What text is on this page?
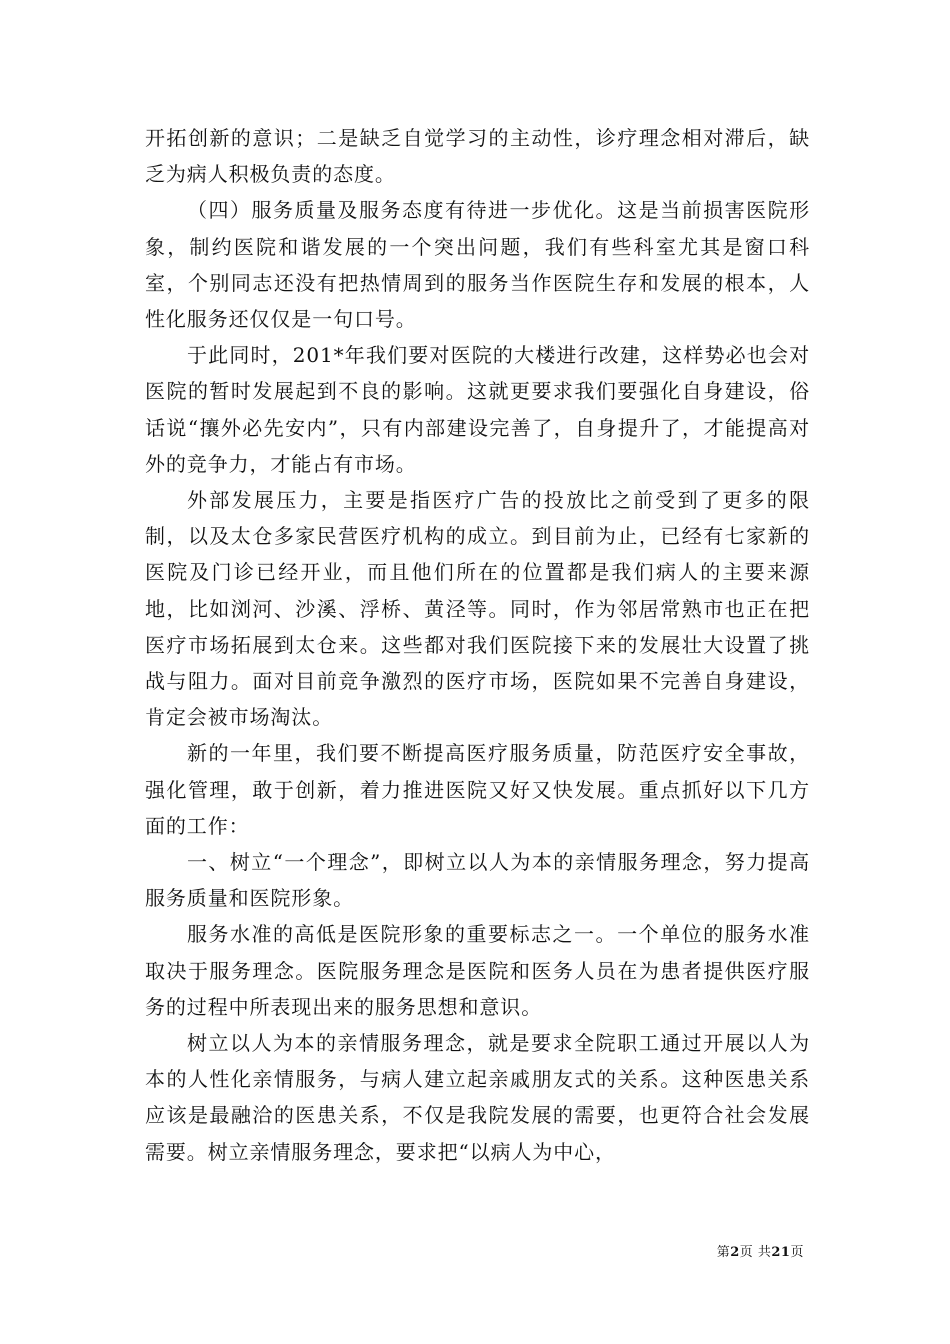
开拓创新的意识；二是缺乏自觉学习的主动性，诊疗理念相对滞后，缺乏为病人积极负责的态度。

（四）服务质量及服务态度有待进一步优化。这是当前损害医院形象，制约医院和谐发展的一个突出问题，我们有些科室尤其是窗口科室，个别同志还没有把热情周到的服务当作医院生存和发展的根本，人性化服务还仅仅是一句口号。

于此同时，201*年我们要对医院的大楼进行改建，这样势必也会对医院的暂时发展起到不良的影响。这就更要求我们要强化自身建设，俗话说“攘外必先安内”，只有内部建设完善了，自身提升了，才能提高对外的竞争力，才能占有市场。

外部发展压力，主要是指医疗广告的投放比之前受到了更多的限制，以及太仓多家民营医疗机构的成立。到目前为止，已经有七家新的医院及门诊已经开业，而且他们所在的位置都是我们病人的主要来源地，比如浏河、沙溪、浮桥、黄泾等。同时，作为邻居常熟市也正在把医疗市场拓展到太仓来。这些都对我们医院接下来的发展壮大设置了挑战与阻力。面对目前竞争激烈的医疗市场，医院如果不完善自身建设，肯定会被市场淘汰。

新的一年里，我们要不断提高医疗服务质量，防范医疗安全事故，强化管理，敢于创新，着力推进医院又好又快发展。重点抓好以下几方面的工作：

一、树立“一个理念”，即树立以人为本的亲情服务理念，努力提高服务质量和医院形象。

服务水准的高低是医院形象的重要标志之一。一个单位的服务水准取决于服务理念。医院服务理念是医院和医务人员在为患者提供医疗服务的过程中所表现出来的服务思想和意识。

树立以人为本的亲情服务理念，就是要求全院职工通过开展以人为本的人性化亲情服务，与病人建立起亲戚朋友式的关系。这种医患关系应该是最融洽的医患关系，不仅是我院发展的需要，也更符合社会发展需要。树立亲情服务理念，要求把“以病人为中心，

第2页 共21页
